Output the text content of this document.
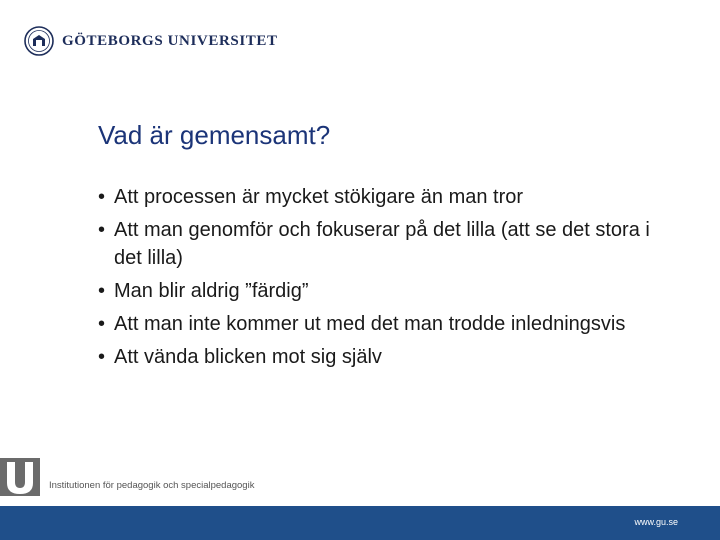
GÖTEBORGS UNIVERSITET
Vad är gemensamt?
• Att processen är mycket stökigare än man tror
• Att man genomför och fokuserar på det lilla (att se det stora i det lilla)
• Man blir aldrig ”färdig”
• Att man inte kommer ut med det man trodde inledningsvis
• Att vända blicken mot sig själv
Institutionen för pedagogik och specialpedagogik
www.gu.se
